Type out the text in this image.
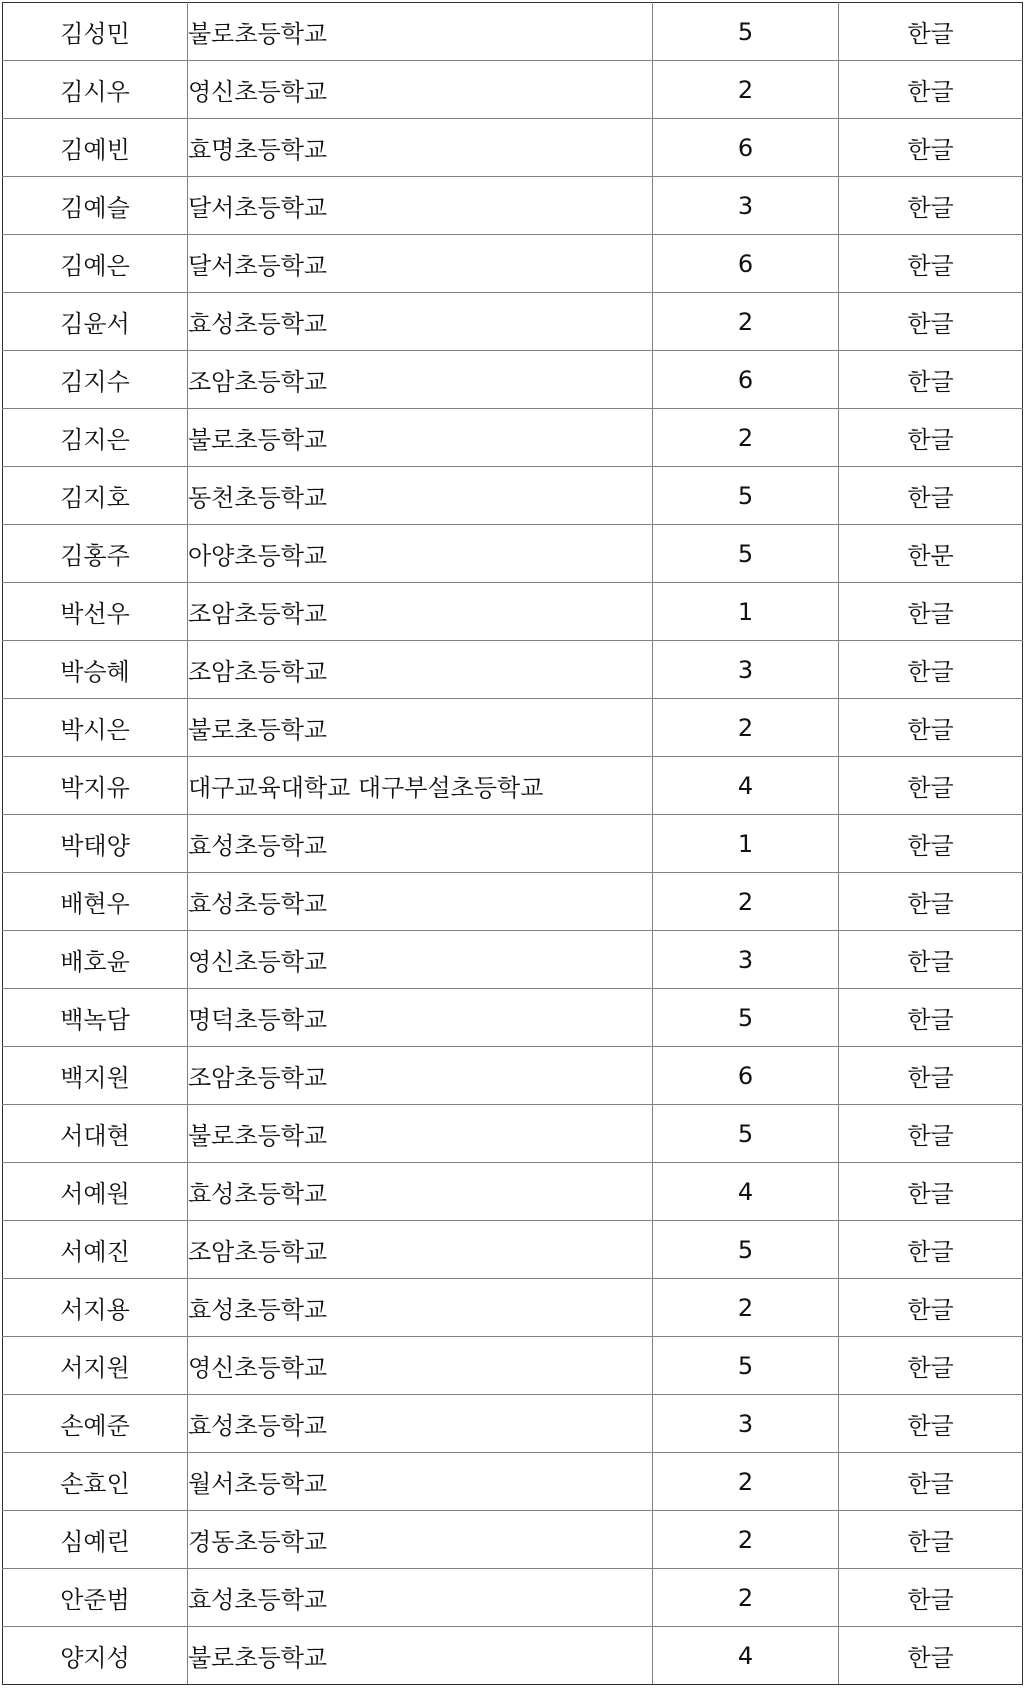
김성민	불로초등학교	5	한글
김시우	영신초등학교	2	한글
김예빈	효명초등학교	6	한글
김예슬	달서초등학교	3	한글
김예은	달서초등학교	6	한글
김윤서	효성초등학교	2	한글
김지수	조암초등학교	6	한글
김지은	불로초등학교	2	한글
김지호	동천초등학교	5	한글
김홍주	아양초등학교	5	한문
박선우	조암초등학교	1	한글
박승혜	조암초등학교	3	한글
박시은	불로초등학교	2	한글
박지유	대구교육대학교 대구부설초등학교	4	한글
박태양	효성초등학교	1	한글
배현우	효성초등학교	2	한글
배호윤	영신초등학교	3	한글
백녹담	명덕초등학교	5	한글
백지원	조암초등학교	6	한글
서대현	불로초등학교	5	한글
서예원	효성초등학교	4	한글
서예진	조암초등학교	5	한글
서지용	효성초등학교	2	한글
서지원	영신초등학교	5	한글
손예준	효성초등학교	3	한글
손효인	월서초등학교	2	한글
심예린	경동초등학교	2	한글
안준범	효성초등학교	2	한글
양지성	불로초등학교	4	한글
